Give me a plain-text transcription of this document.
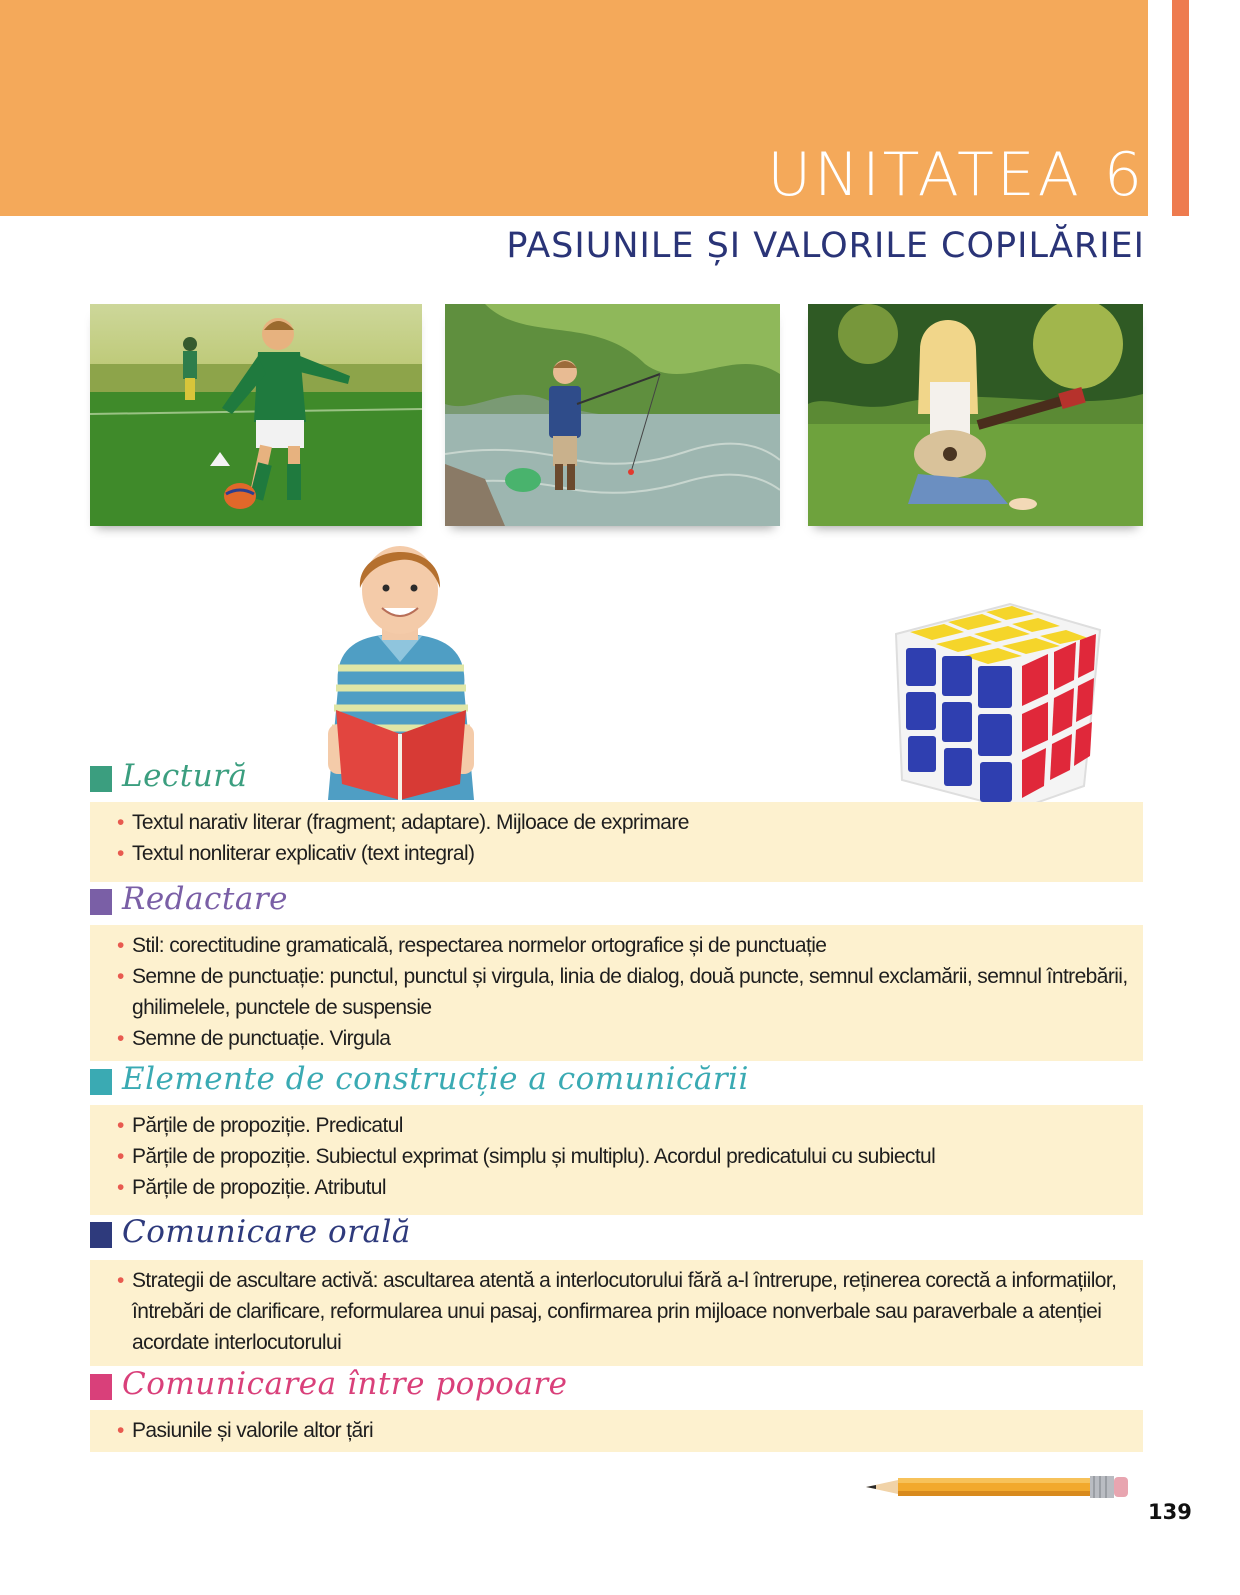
UNITATEA 6
PASIUNILE ȘI VALORILE COPILĂRIEI
Lectură
• Textul narativ literar (fragment; adaptare). Mijloace de exprimare
• Textul nonliterar explicativ (text integral)
Redactare
• Stil: corectitudine gramaticală, respectarea normelor ortografice și de punctuație
• Semne de punctuație: punctul, punctul și virgula, linia de dialog, două puncte, semnul exclamării, semnul întrebării, ghilimelele, punctele de suspensie
• Semne de punctuație. Virgula
Elemente de construcție a comunicării
• Părțile de propoziție. Predicatul
• Părțile de propoziție. Subiectul exprimat (simplu și multiplu). Acordul predicatului cu subiectul
• Părțile de propoziție. Atributul
Comunicare orală
• Strategii de ascultare activă: ascultarea atentă a interlocutorului fără a-l întrerupe, reținerea corectă a informațiilor, întrebări de clarificare, reformularea unui pasaj, confirmarea prin mijloace nonverbale sau paraverbale a atenției acordate interlocutorului
Comunicarea între popoare
• Pasiunile și valorile altor țări
139
